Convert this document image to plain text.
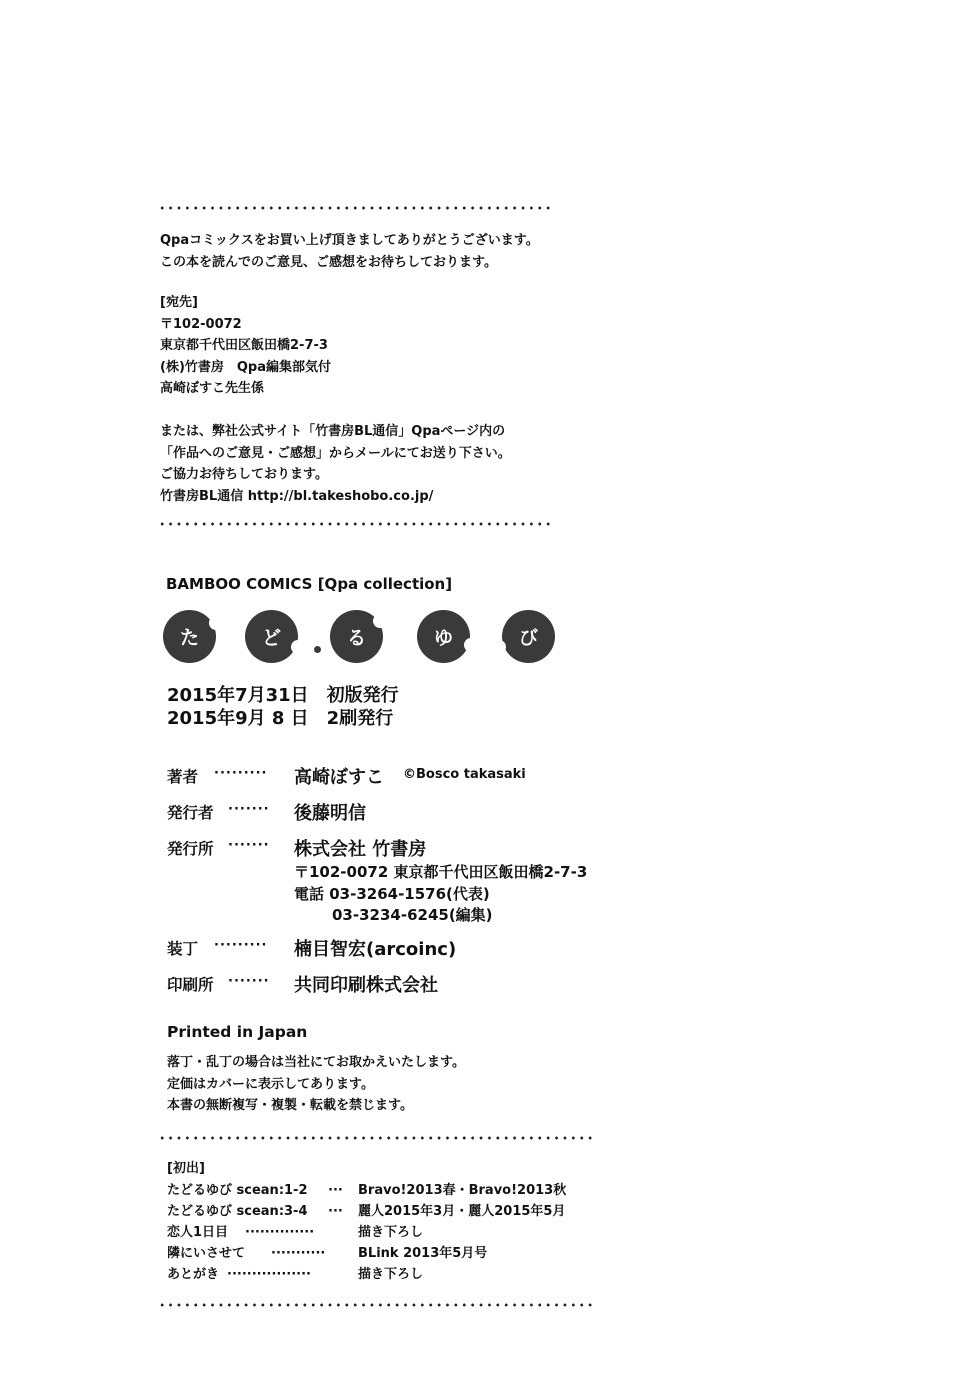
Qpaコミックスをお買い上げ頂きましてありがとうございます。
この本を読んでのご意見、ご感想をお待ちしております。
[宛先]
〒102-0072
東京都千代田区飯田橋2-7-3
(株)竹書房　Qpa編集部気付
高崎ぼすこ先生係
または、弊社公式サイト「竹書房BL通信」Qpaページ内の
「作品へのご意見・ご感想」からメールにてお送り下さい。
ご協力お待ちしております。
竹書房BL通信 http://bl.takeshobo.co.jp/
BAMBOO COMICS [Qpa collection]
た	ど	る	ゆ	び
2015年7月31日　初版発行
2015年9月 8 日　2刷発行
著者 ········· 高崎ぼすこ ©Bosco takasaki
発行者 ······· 後藤明信
発行所 ······· 株式会社 竹書房
〒102-0072 東京都千代田区飯田橋2-7-3
電話 03-3264-1576(代表)
03-3234-6245(編集)
装丁 ········· 楠目智宏(arcoinc)
印刷所 ······· 共同印刷株式会社
Printed in Japan
落丁・乱丁の場合は当社にてお取かえいたします。
定価はカバーに表示してあります。
本書の無断複写・複製・転載を禁じます。
[初出]
たどるゆび scean:1-2 ··· Bravo!2013春・Bravo!2013秋
たどるゆび scean:3-4 ··· 麗人2015年3月・麗人2015年5月
恋人1日目 ··············	描き下ろし
隣にいさせて ···········	BLink 2013年5月号
あとがき ·················	描き下ろし
